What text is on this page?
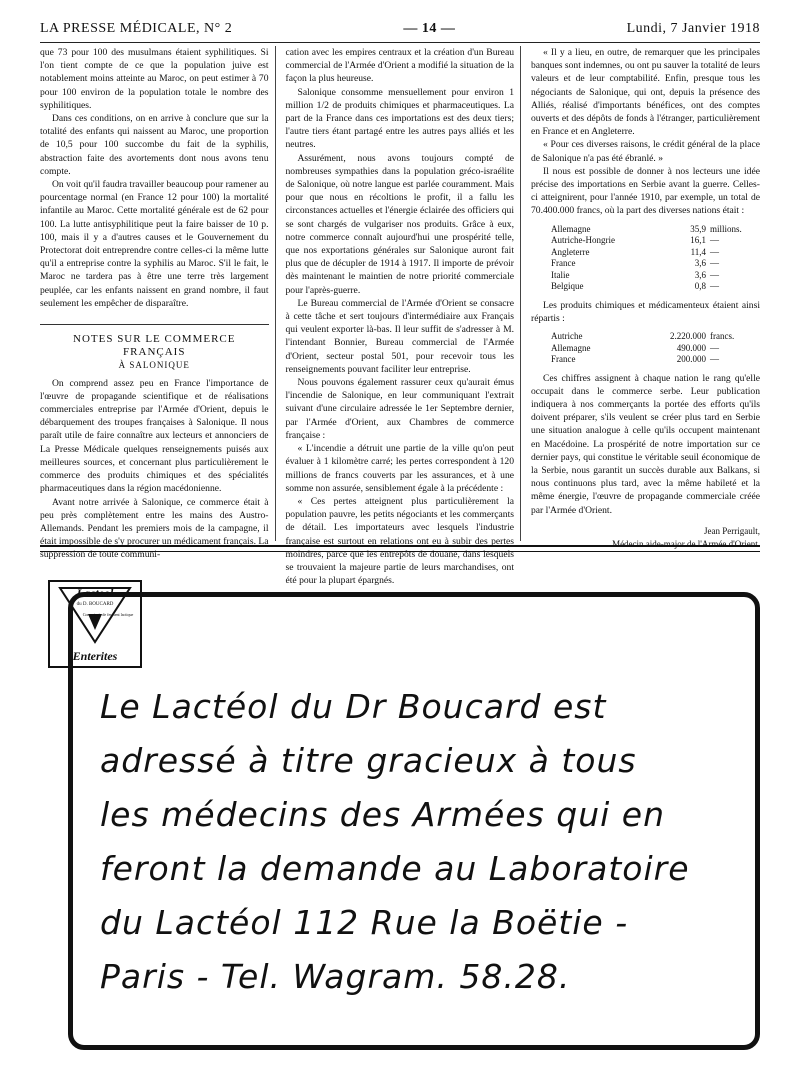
LA PRESSE MÉDICALE, N° 2	— 14 —	Lundi, 7 Janvier 1918

que 73 pour 100 des musulmans étaient syphilitiques. Si l'on tient compte de ce que la population juive est notablement moins atteinte au Maroc, on peut estimer à 70 pour 100 environ de la population totale le nombre des syphilitiques.

Dans ces conditions, on en arrive à conclure que sur la totalité des enfants qui naissent au Maroc, une proportion de 10,5 pour 100 succombe du fait de la syphilis, abstraction faite des avortements dont nous avons tenu compte.

On voit qu'il faudra travailler beaucoup pour ramener au pourcentage normal (en France 12 pour 100) la mortalité infantile au Maroc. Cette mortalité générale est de 62 pour 100. La lutte antisyphilitique peut la faire baisser de 10 p. 100, mais il y a d'autres causes et le Gouvernement du Protectorat doit entreprendre contre celles-ci la même lutte qu'il a entreprise contre la syphilis au Maroc. S'il le fait, le Maroc ne tardera pas à être une terre très largement peuplée, car les enfants naissent en grand nombre, il faut seulement les empêcher de disparaître.

NOTES SUR LE COMMERCE FRANÇAIS
À SALONIQUE

On comprend assez peu en France l'importance de l'œuvre de propagande scientifique et de réalisations commerciales entreprise par l'Armée d'Orient, depuis le débarquement des troupes françaises à Salonique. Il nous paraît utile de faire connaître aux lecteurs et annonciers de La Presse Médicale quelques renseignements puisés aux meilleures sources, et concernant plus particulièrement le commerce des produits chimiques et des spécialités pharmaceutiques dans la région macédonienne.

Avant notre arrivée à Salonique, ce commerce était à peu près complètement entre les mains des Austro-Allemands. Pendant les premiers mois de la campagne, il était impossible de s'y procurer un médicament français. La suppression de toute communi-

cation avec les empires centraux et la création d'un Bureau commercial de l'Armée d'Orient a modifié la situation de la façon la plus heureuse.

Salonique consomme mensuellement pour environ 1 million 1/2 de produits chimiques et pharmaceutiques. La part de la France dans ces importations est des deux tiers; l'autre tiers étant partagé entre les autres pays alliés et les neutres.

Assurément, nous avons toujours compté de nombreuses sympathies dans la population gréco-israélite de Salonique, où notre langue est parlée couramment. Mais pour que nous en récoltions le profit, il a fallu les circonstances actuelles et l'énergie éclairée des officiers qui se sont chargés de vulgariser nos produits. Grâce à eux, notre commerce connaît aujourd'hui une prospérité telle, que nos exportations générales sur Salonique auront fait plus que de décupler de 1914 à 1917. Il importe de prévoir dès maintenant le maintien de notre priorité commerciale pour l'après-guerre.

Le Bureau commercial de l'Armée d'Orient se consacre à cette tâche et sert toujours d'intermédiaire aux Français qui veulent exporter là-bas. Il leur suffit de s'adresser à M. l'intendant Bonnier, Bureau commercial de l'Armée d'Orient, secteur postal 501, pour recevoir tous les renseignements pouvant faciliter leur entreprise.

Nous pouvons également rassurer ceux qu'aurait émus l'incendie de Salonique, en leur communiquant l'extrait suivant d'une circulaire adressée le 1er Septembre dernier, par l'Armée d'Orient, aux Chambres de commerce française :

« L'incendie a détruit une partie de la ville qu'on peut évaluer à 1 kilomètre carré; les pertes correspondent à 120 millions de francs couverts par les assurances, et à une somme non assurée, sensiblement égale à la précédente :

« Ces pertes atteignent plus particulièrement la population pauvre, les petits négociants et les commerçants de détail. Les importateurs avec lesquels l'industrie française est surtout en relations ont eu à subir des pertes moindres, parce que les entrepôts de douane, dans lesquels se trouvaient la majeure partie de leurs marchandises, ont été pour la plupart épargnés.

« Il y a lieu, en outre, de remarquer que les principales banques sont indemnes, ou ont pu sauver la totalité de leurs valeurs et de leur comptabilité. Enfin, presque tous les négociants de Salonique, qui ont, depuis la présence des Alliés, réalisé d'importants bénéfices, ont des comptes ouverts et des dépôts de fonds à l'étranger, particulièrement en France et en Angleterre.

« Pour ces diverses raisons, le crédit général de la place de Salonique n'a pas été ébranlé. »

Il nous est possible de donner à nos lecteurs une idée précise des importations en Serbie avant la guerre. Celles-ci atteignirent, pour l'année 1910, par exemple, un total de 70.400.000 francs, où la part des diverses nations était :

Allemagne	35,9 millions.
Autriche-Hongrie	16,1 —
Angleterre	11,4 —
France	3,6 —
Italie	3,6 —
Belgique	0,8 —

Les produits chimiques et médicamenteux étaient ainsi répartis :

Autriche	2.220.000 francs.
Allemagne	490.000 —
France	200.000 —

Ces chiffres assignent à chaque nation le rang qu'elle occupait dans le commerce serbe. Leur publication indiquera à nos commerçants la portée des efforts qu'ils doivent préparer, s'ils veulent se créer plus tard en Serbie une situation analogue à celle qu'ils occupent maintenant en Macédoine. La prospérité de notre importation sur ce dernier pays, qui constitue le véritable seuil économique de la Serbie, nous garantit un succès durable aux Balkans, si nous continuons plus tard, avec la même habileté et la même énergie, l'œuvre de propagande commerciale créée par l'Armée d'Orient.

Jean Perrigault,
Médecin aide-major de l'Armée d'Orient.
Lacteol
du D. BOUCARD
Comprimés de ferment lactique
Enterites
Le Lactéol du Dr Boucard est
adressé à titre gracieux à tous
les médecins des Armées qui en
feront la demande au Laboratoire
du Lactéol 112 Rue la Boëtie -
Paris - Tel. Wagram. 58.28.
